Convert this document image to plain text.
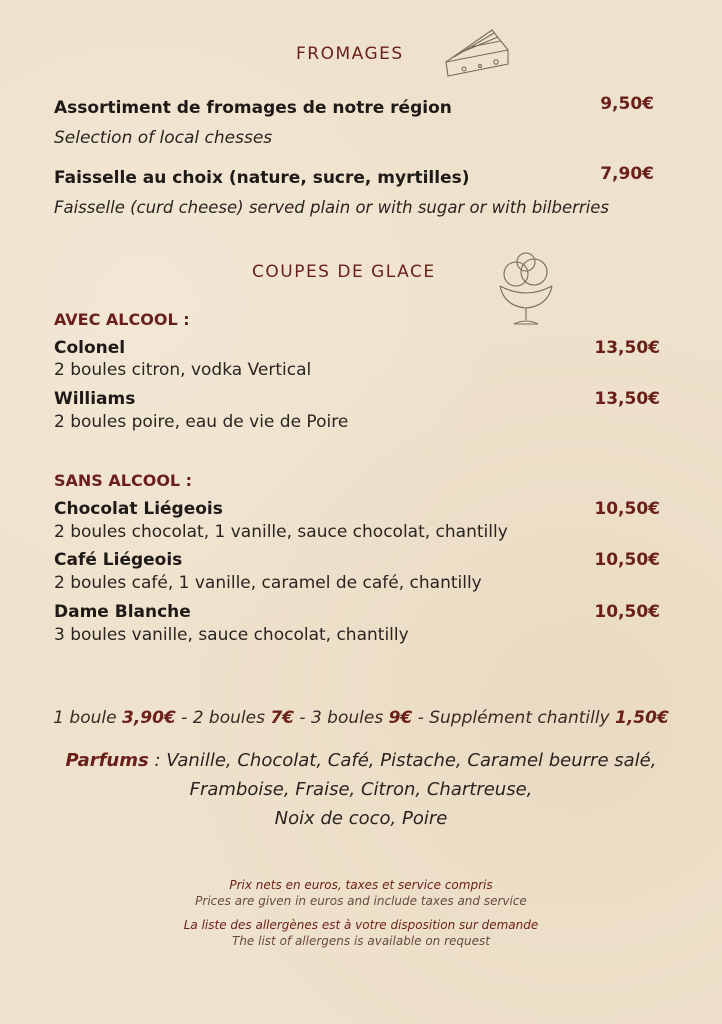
FROMAGES
Assortiment de fromages de notre région	9,50€
Selection of local chesses
Faisselle au choix (nature, sucre, myrtilles)	7,90€
Faisselle (curd cheese) served plain or with sugar or with bilberries
COUPES DE GLACE
AVEC ALCOOL :
Colonel	13,50€
2 boules citron, vodka Vertical
Williams	13,50€
2 boules poire, eau de vie de Poire
SANS ALCOOL :
Chocolat Liégeois	10,50€
2 boules chocolat, 1 vanille, sauce chocolat, chantilly
Café Liégeois	10,50€
2 boules café, 1 vanille, caramel de café, chantilly
Dame Blanche	10,50€
3 boules vanille, sauce chocolat, chantilly
1 boule 3,90€ - 2 boules 7€ - 3 boules 9€ - Supplément chantilly 1,50€
Parfums : Vanille, Chocolat, Café, Pistache, Caramel beurre salé,
Framboise, Fraise, Citron, Chartreuse,
Noix de coco, Poire
Prix nets en euros, taxes et service compris
Prices are given in euros and include taxes and service
La liste des allergènes est à votre disposition sur demande
The list of allergens is available on request
